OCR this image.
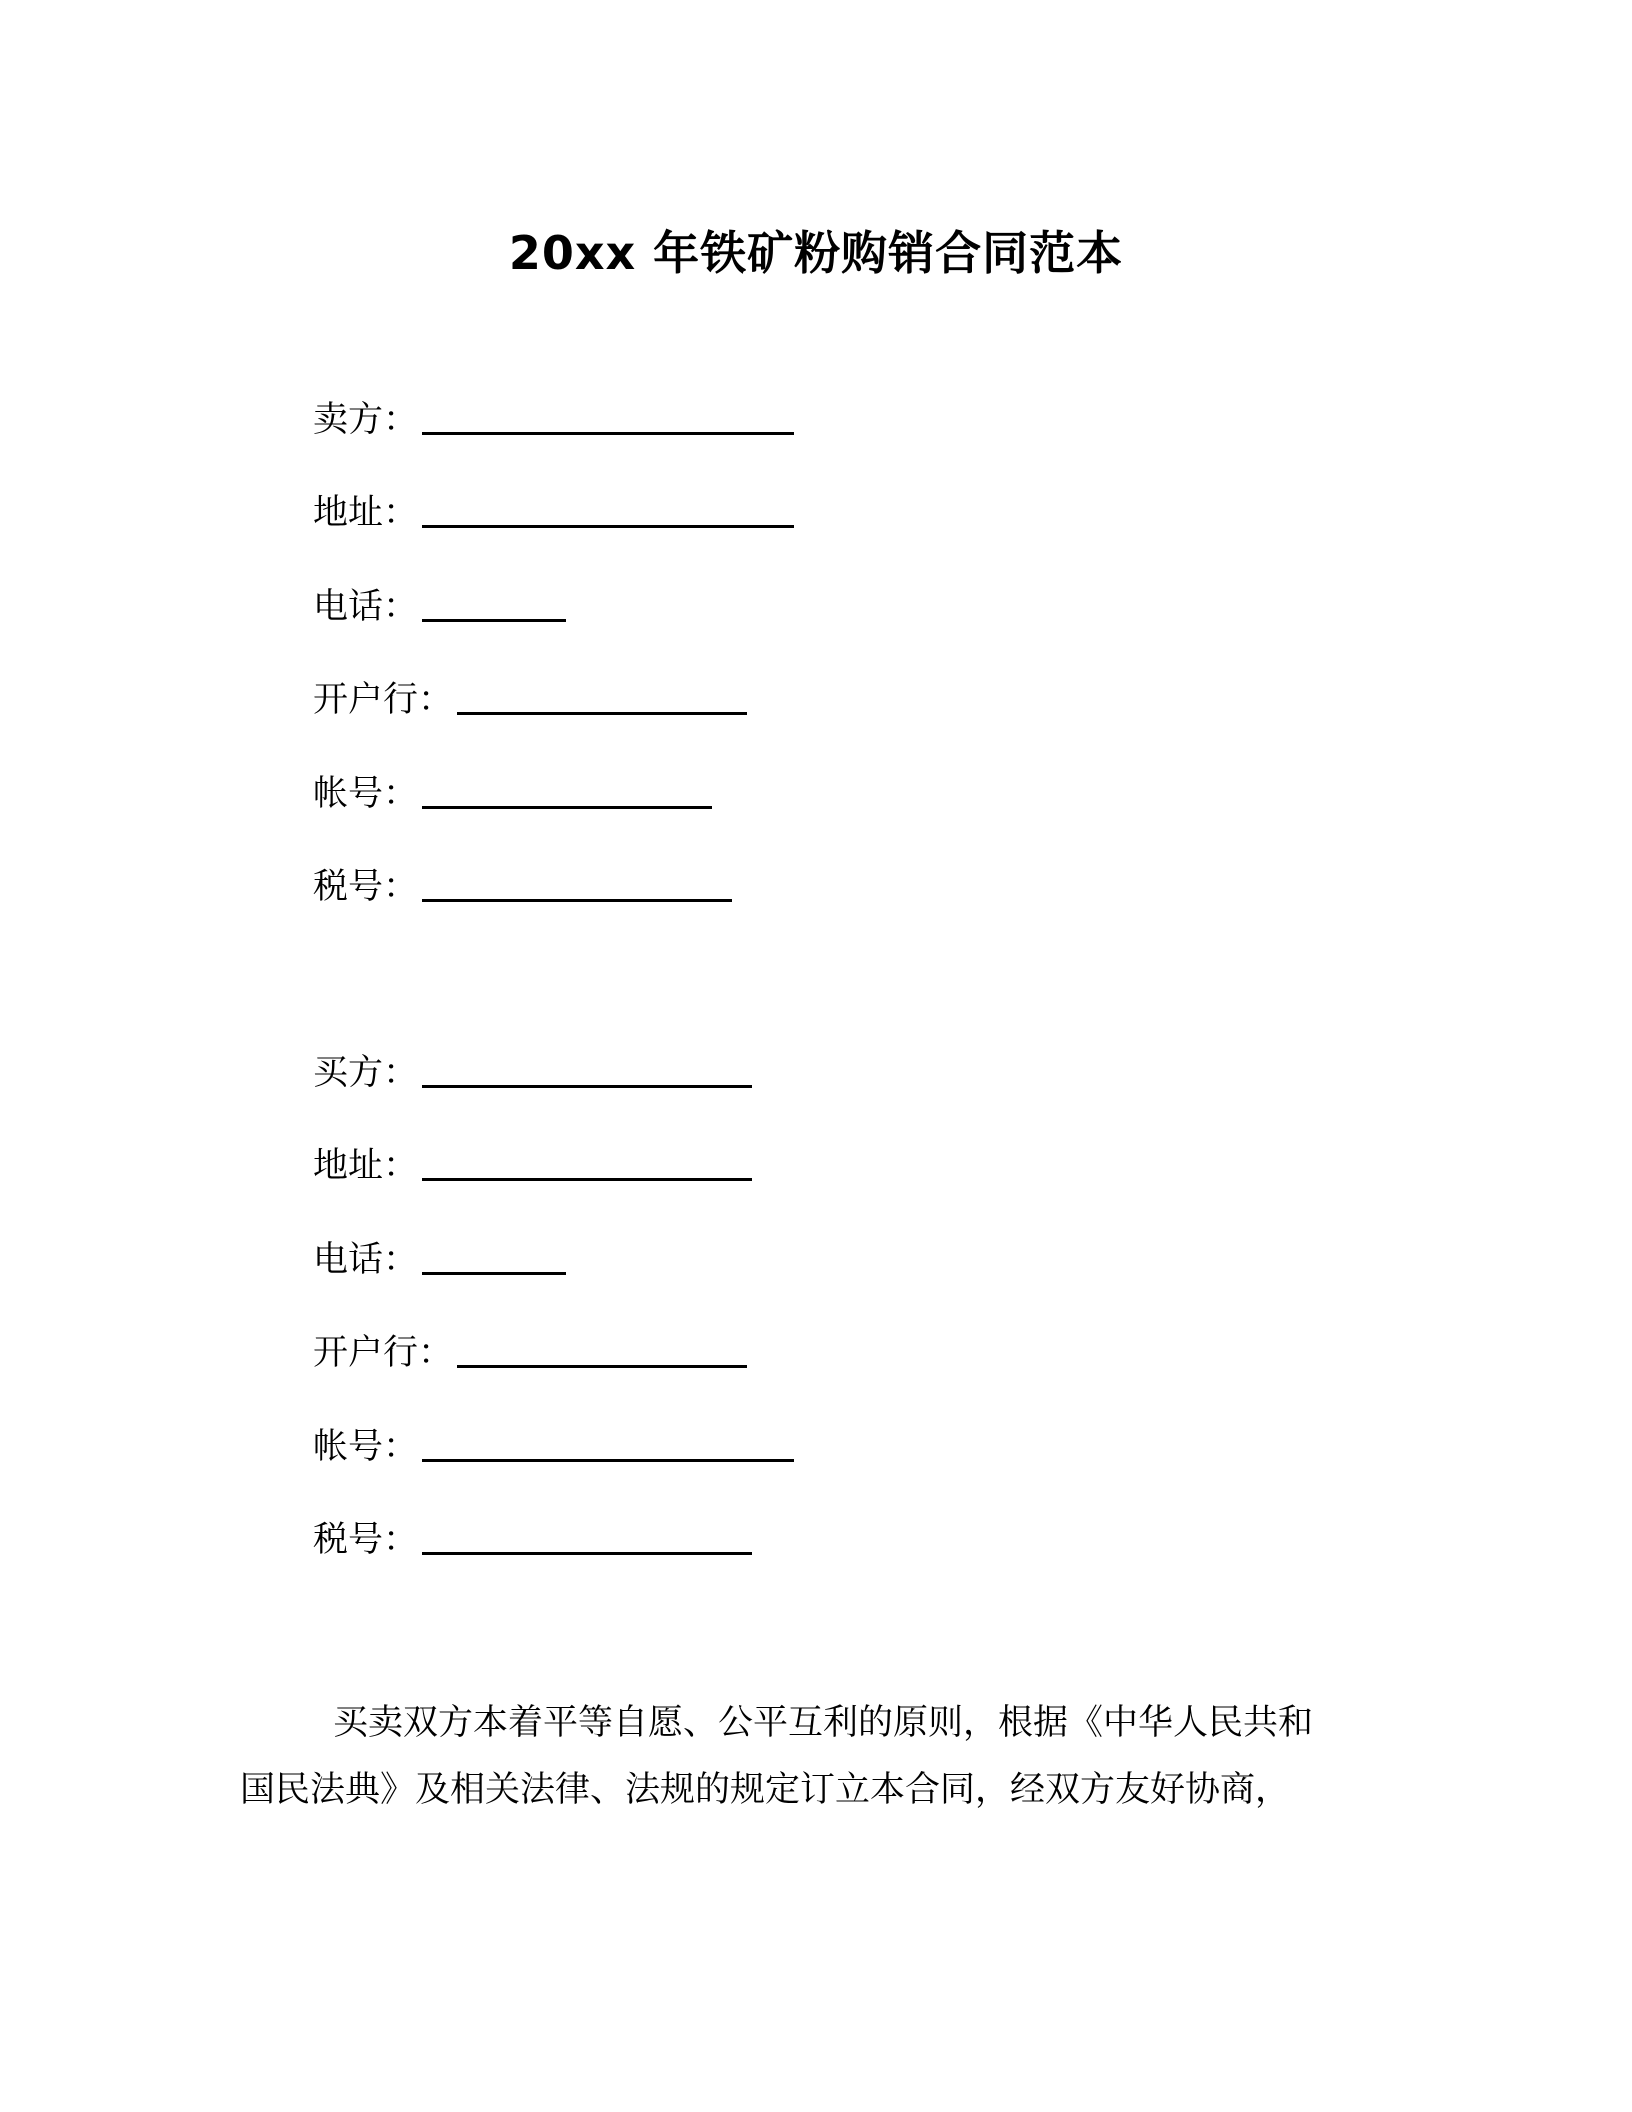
20xx 年铁矿粉购销合同范本
卖方：
地址：
电话：
开户行：
帐号：
税号：
买方：
地址：
电话：
开户行：
帐号：
税号：
买卖双方本着平等自愿、公平互利的原则，根据《中华人民共和
国民法典》及相关法律、法规的规定订立本合同，经双方友好协商，
